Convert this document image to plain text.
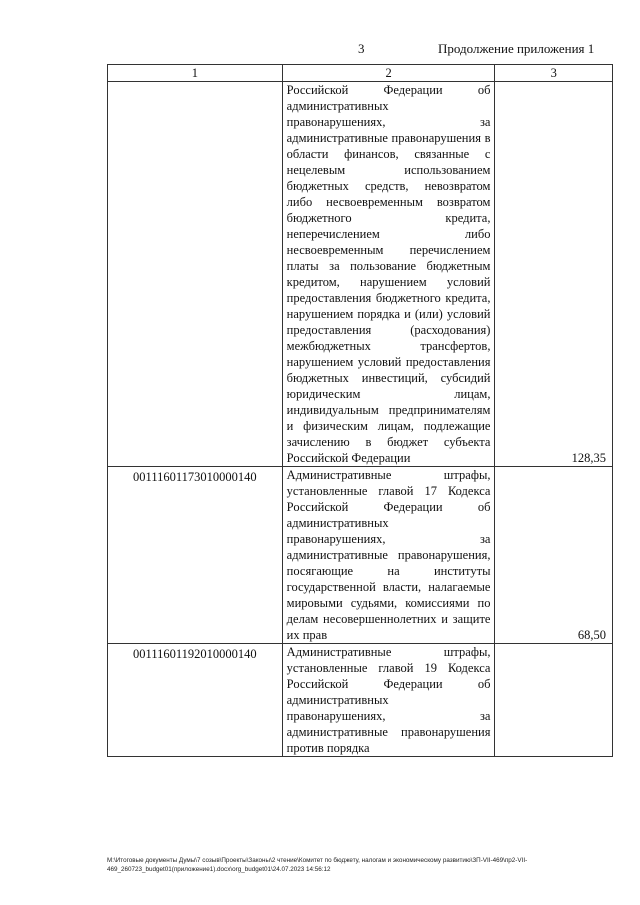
3	Продолжение приложения 1
1	2	3
	Российской Федерации об административных правонарушениях, за административные правонарушения в области финансов, связанные с нецелевым использованием бюджетных средств, невозвратом либо несвоевременным возвратом бюджетного кредита, неперечислением либо несвоевременным перечислением платы за пользование бюджетным кредитом, нарушением условий предоставления бюджетного кредита, нарушением порядка и (или) условий предоставления (расходования) межбюджетных трансфертов, нарушением условий предоставления бюджетных инвестиций, субсидий юридическим лицам, индивидуальным предпринимателям и физическим лицам, подлежащие зачислению в бюджет субъекта Российской Федерации	128,35
00111601173010000140	Административные штрафы, установленные главой 17 Кодекса Российской Федерации об административных правонарушениях, за административные правонарушения, посягающие на институты государственной власти, налагаемые мировыми судьями, комиссиями по делам несовершеннолетних и защите их прав	68,50
00111601192010000140	Административные штрафы, установленные главой 19 Кодекса Российской Федерации об административных правонарушениях, за административные правонарушения против порядка	
M:\Итоговые документы Думы\7 созыв\Проекты\Законы\2 чтение\Комитет по бюджету, налогам и экономическому развитию\ЗП-VII-469\пр2-VII-
469_260723_budget01(приложение1).docx\org_budget01\24.07.2023 14:56:12
